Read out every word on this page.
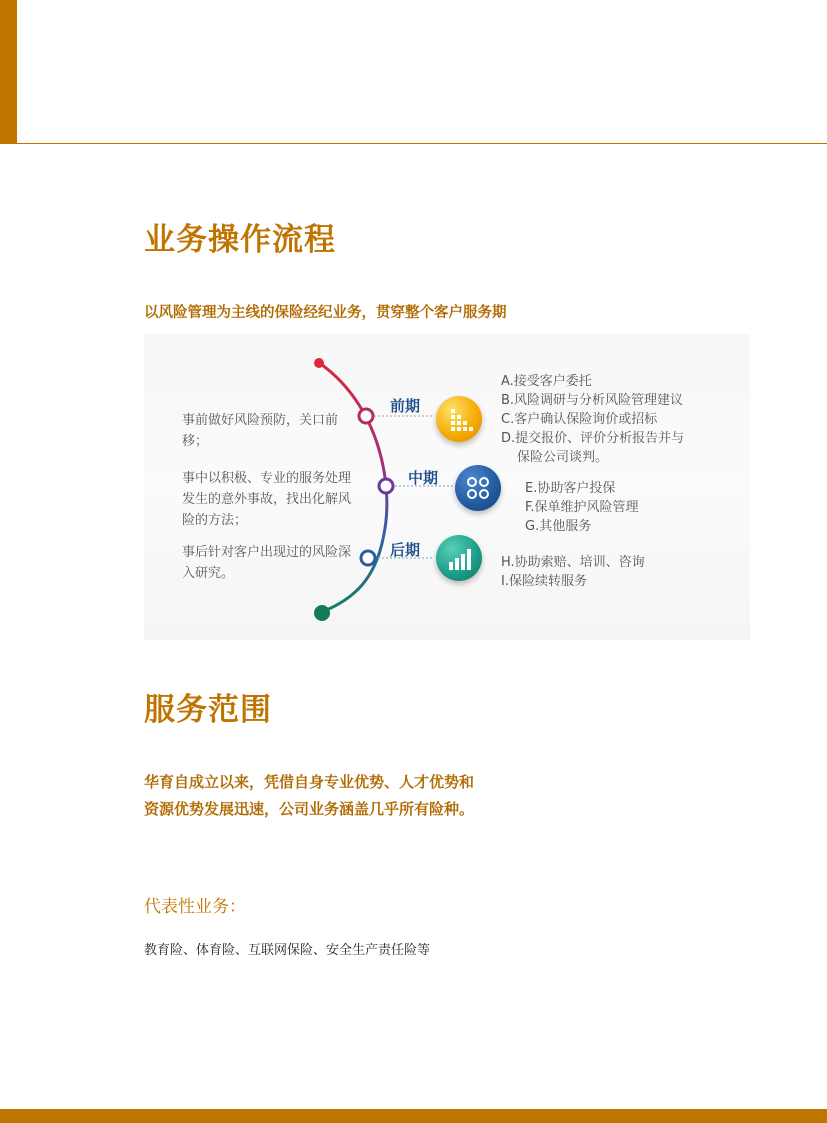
业务操作流程

以风险管理为主线的保险经纪业务，贯穿整个客户服务期

事前做好风险预防，关口前移；

事中以积极、专业的服务处理发生的意外事故，找出化解风险的方法；

事后针对客户出现过的风险深入研究。

前期
中期
后期
A.接受客户委托
B.风险调研与分析风险管理建议
C.客户确认保险询价或招标
D.提交报价、评价分析报告并与
保险公司谈判。
E.协助客户投保
F.保单维护风险管理
G.其他服务
H.协助索赔、培训、咨询
I.保险续转服务
服务范围

华育自成立以来，凭借自身专业优势、人才优势和资源优势发展迅速，公司业务涵盖几乎所有险种。

代表性业务：

教育险、体育险、互联网保险、安全生产责任险等
